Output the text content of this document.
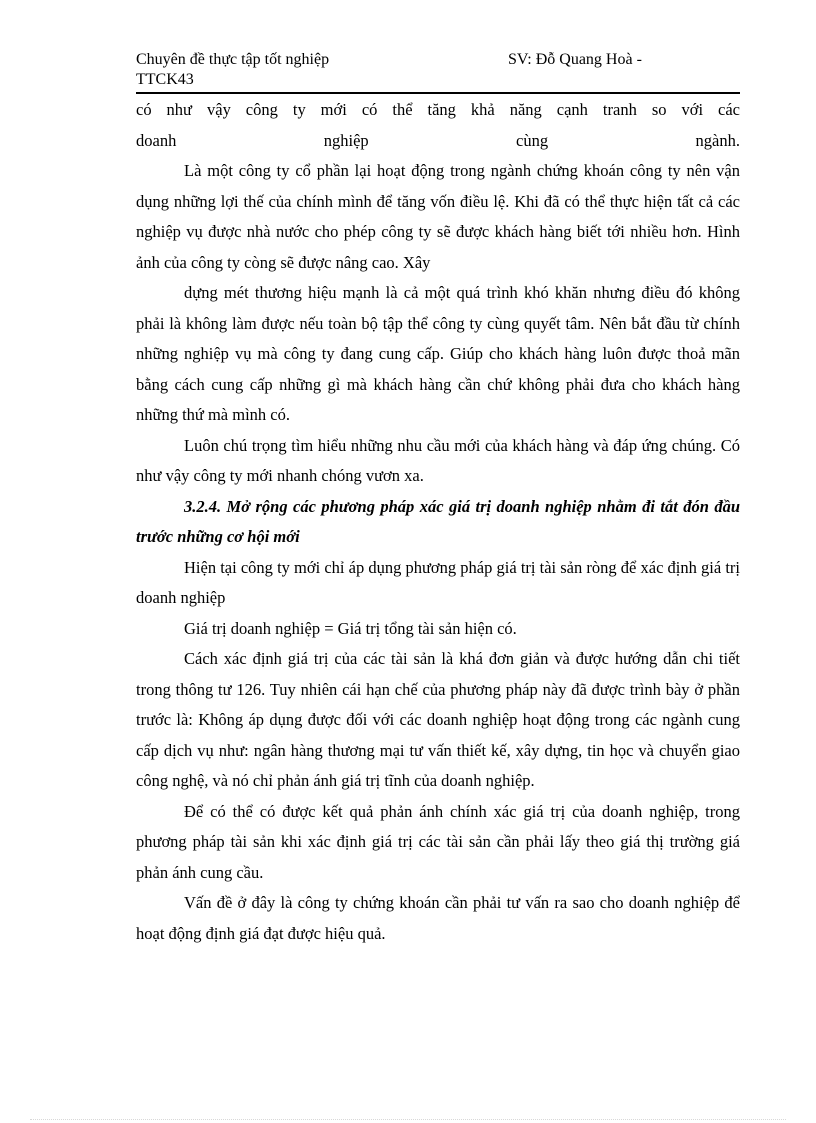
Chuyên đề thực tập tốt nghiệp	SV: Đỗ Quang Hoà -
TTCK43

có như vậy công ty mới có thể tăng khả năng cạnh tranh so với các

doanh nghiệp cùng ngành.

Là một công ty cổ phần lại hoạt động trong ngành chứng khoán công ty nên vận dụng những lợi thế của chính mình để tăng vốn điều lệ. Khi đã có thể thực hiện tất cả các nghiệp vụ được nhà nước cho phép công ty sẽ được khách hàng biết tới nhiều hơn. Hình ảnh của công ty còng sẽ được nâng cao. Xây

dựng mét thương hiệu mạnh là cả một quá trình khó khăn nhưng điều đó không phải là không làm được nếu toàn bộ tập thể công ty cùng quyết tâm. Nên bắt đầu từ chính những nghiệp vụ mà công ty đang cung cấp. Giúp cho khách hàng luôn được thoả mãn bằng cách cung cấp những gì mà khách hàng cần chứ không phải đưa cho khách hàng những thứ mà mình có.

Luôn chú trọng tìm hiểu những nhu cầu mới của khách hàng và đáp ứng chúng. Có như vậy công ty mới nhanh chóng vươn xa.

3.2.4. Mở rộng các phương pháp xác giá trị doanh nghiệp nhằm đi tắt đón đầu trước những cơ hội mới

Hiện tại công ty mới chỉ áp dụng phương pháp giá trị tài sản ròng để xác định giá trị doanh nghiệp

Giá trị doanh nghiệp = Giá trị tổng tài sản hiện có.

Cách xác định giá trị của các tài sản là khá đơn giản và được hướng dẫn chi tiết trong thông tư 126. Tuy nhiên cái hạn chế của phương pháp này đã được trình bày ở phần trước là: Không áp dụng được đối với các doanh nghiệp hoạt động trong các ngành cung cấp dịch vụ như: ngân hàng thương mại tư vấn thiết kế, xây dựng, tin học và chuyển giao công nghệ, và nó chỉ phản ánh giá trị tĩnh của doanh nghiệp.

Để có thể có được kết quả phản ánh chính xác giá trị của doanh nghiệp, trong phương pháp tài sản khi xác định giá trị các tài sản cần phải lấy theo giá thị trường giá phản ánh cung cầu.

Vấn đề ở đây là công ty chứng khoán cần phải tư vấn ra sao cho doanh nghiệp để hoạt động định giá đạt được hiệu quả.
